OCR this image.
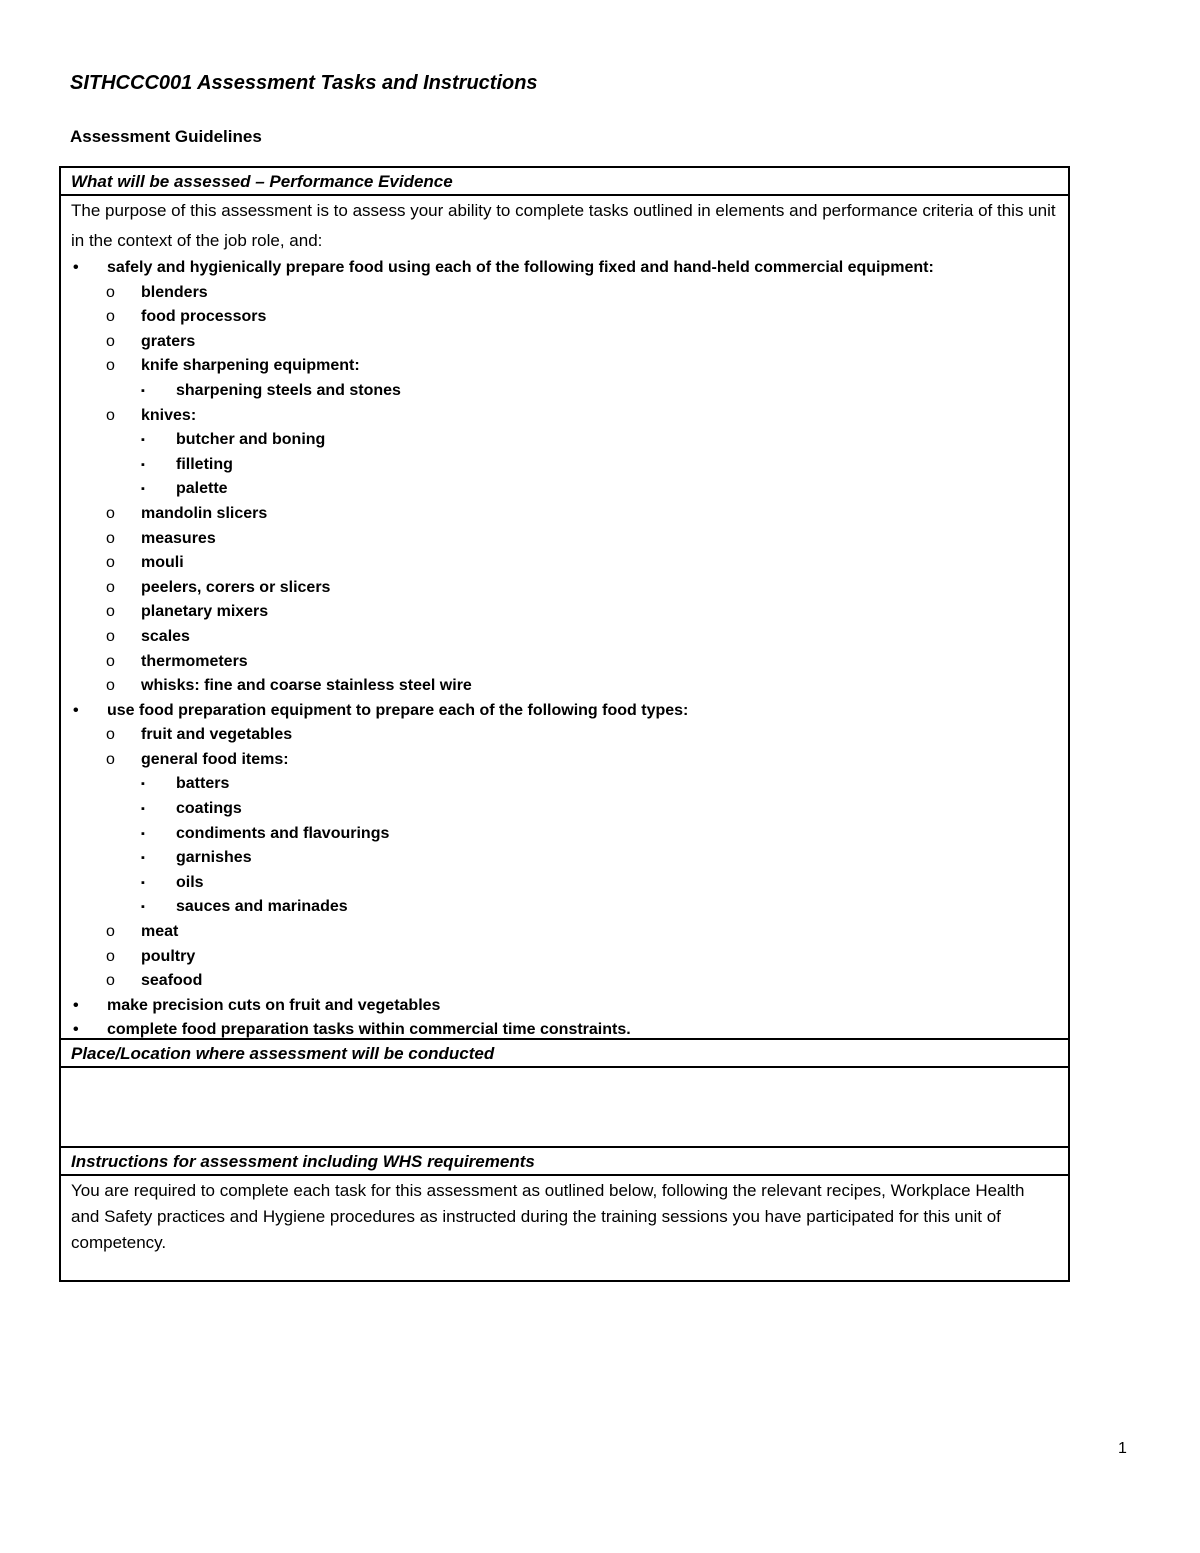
SITHCCC001 Assessment Tasks and Instructions
Assessment Guidelines
What will be assessed – Performance Evidence

The purpose of this assessment is to assess your ability to complete tasks outlined in elements and performance criteria of this unit in the context of the job role, and:

• safely and hygienically prepare food using each of the following fixed and hand-held commercial equipment:
o blenders
o food processors
o graters
o knife sharpening equipment:
▪ sharpening steels and stones
o knives:
▪ butcher and boning
▪ filleting
▪ palette
o mandolin slicers
o measures
o mouli
o peelers, corers or slicers
o planetary mixers
o scales
o thermometers
o whisks: fine and coarse stainless steel wire
• use food preparation equipment to prepare each of the following food types:
o fruit and vegetables
o general food items:
▪ batters
▪ coatings
▪ condiments and flavourings
▪ garnishes
▪ oils
▪ sauces and marinades
o meat
o poultry
o seafood
• make precision cuts on fruit and vegetables
• complete food preparation tasks within commercial time constraints.
Place/Location where assessment will be conducted
Instructions for assessment including WHS requirements

You are required to complete each task for this assessment as outlined below, following the relevant recipes, Workplace Health and Safety practices and Hygiene procedures as instructed during the training sessions you have participated for this unit of competency.

1
